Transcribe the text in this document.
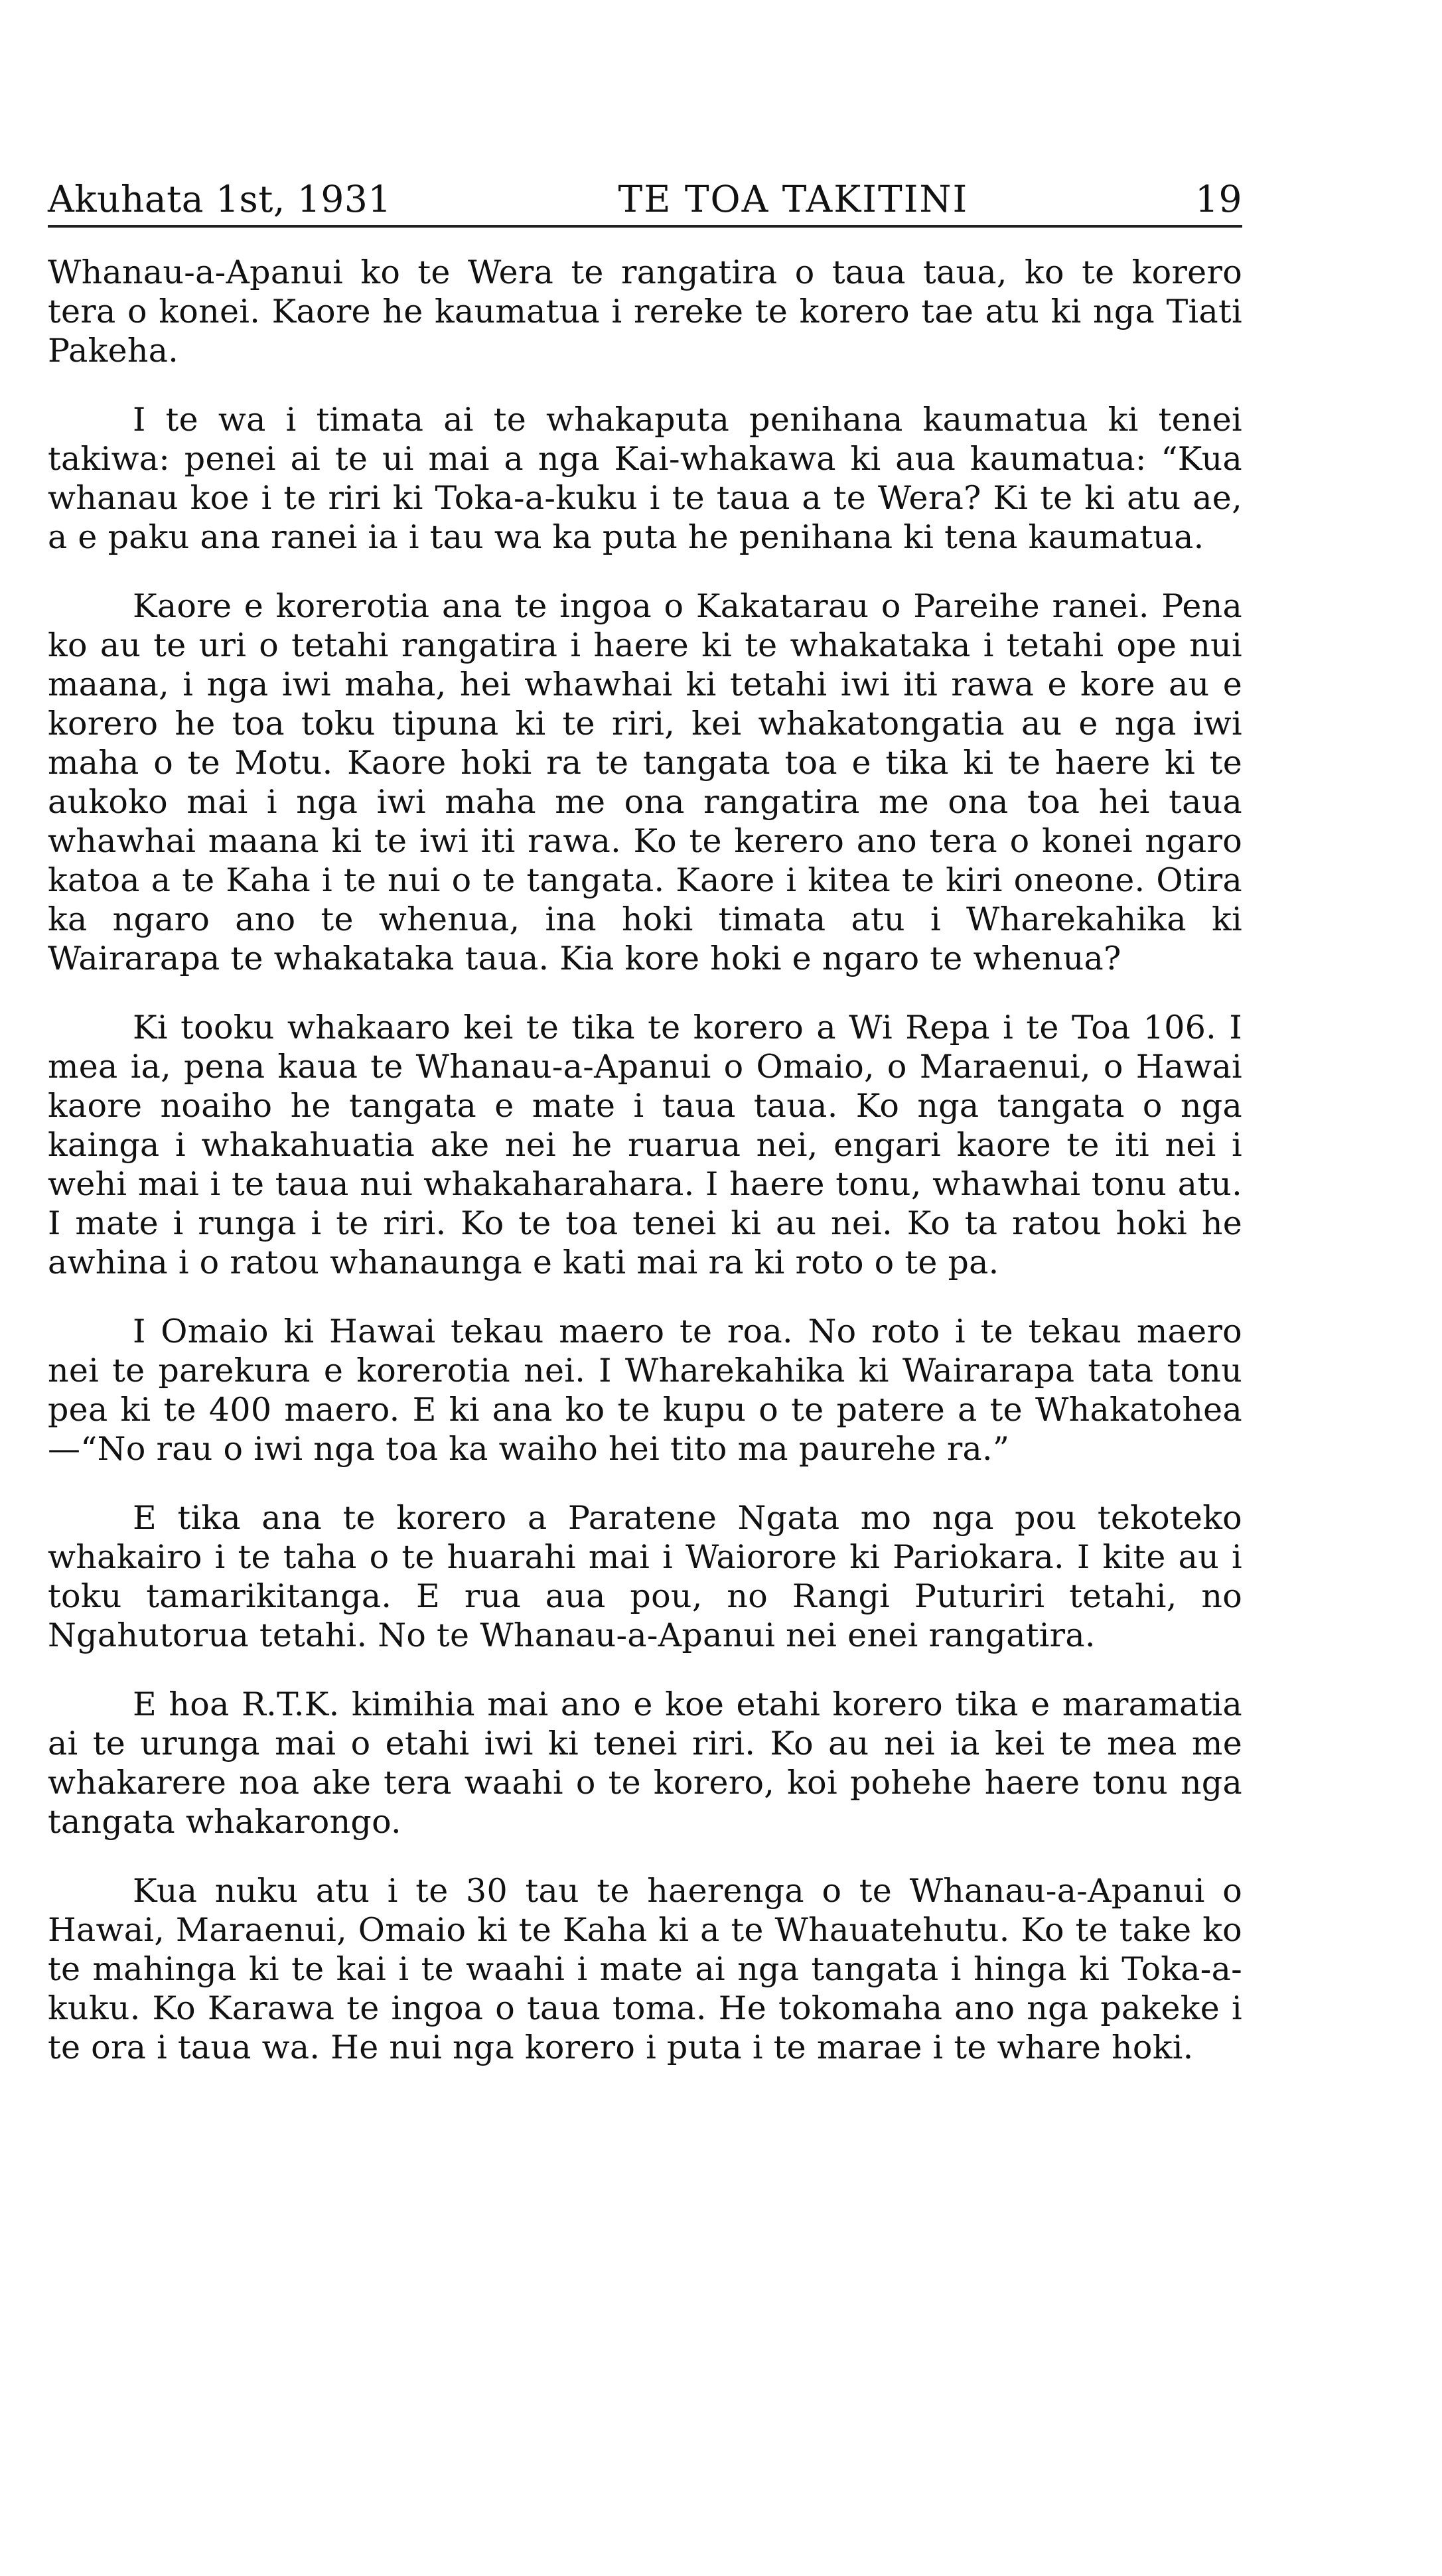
Akuhata 1st, 1931	TE TOA TAKITINI	19

Whanau-a-Apanui ko te Wera te rangatira o taua taua, ko te korero tera o konei. Kaore he kaumatua i rereke te korero tae atu ki nga Tiati Pakeha.

I te wa i timata ai te whakaputa penihana kaumatua ki tenei takiwa: penei ai te ui mai a nga Kai-whakawa ki aua kaumatua: “Kua whanau koe i te riri ki Toka-a-kuku i te taua a te Wera? Ki te ki atu ae, a e paku ana ranei ia i tau wa ka puta he penihana ki tena kaumatua.

Kaore e korerotia ana te ingoa o Kakatarau o Pareihe ranei. Pena ko au te uri o tetahi rangatira i haere ki te whakataka i tetahi ope nui maana, i nga iwi maha, hei whawhai ki tetahi iwi iti rawa e kore au e korero he toa toku tipuna ki te riri, kei whakatongatia au e nga iwi maha o te Motu. Kaore hoki ra te tangata toa e tika ki te haere ki te aukoko mai i nga iwi maha me ona rangatira me ona toa hei taua whawhai maana ki te iwi iti rawa. Ko te kerero ano tera o konei ngaro katoa a te Kaha i te nui o te tangata. Kaore i kitea te kiri oneone. Otira ka ngaro ano te whenua, ina hoki timata atu i Wharekahika ki Wairarapa te whakataka taua. Kia kore hoki e ngaro te whenua?

Ki tooku whakaaro kei te tika te korero a Wi Repa i te Toa 106. I mea ia, pena kaua te Whanau-a-Apanui o Omaio, o Maraenui, o Hawai kaore noaiho he tangata e mate i taua taua. Ko nga tangata o nga kainga i whakahuatia ake nei he ruarua nei, engari kaore te iti nei i wehi mai i te taua nui whakaharahara. I haere tonu, whawhai tonu atu. I mate i runga i te riri. Ko te toa tenei ki au nei. Ko ta ratou hoki he awhina i o ratou whanaunga e kati mai ra ki roto o te pa.

I Omaio ki Hawai tekau maero te roa. No roto i te tekau maero nei te parekura e korerotia nei. I Wharekahika ki Wairarapa tata tonu pea ki te 400 maero. E ki ana ko te kupu o te patere a te Whakatohea—“No rau o iwi nga toa ka waiho hei tito ma paurehe ra.”

E tika ana te korero a Paratene Ngata mo nga pou tekoteko whakairo i te taha o te huarahi mai i Waiorore ki Pariokara. I kite au i toku tamarikitanga. E rua aua pou, no Rangi Puturiri tetahi, no Ngahutorua tetahi. No te Whanau-a-Apanui nei enei rangatira.

E hoa R.T.K. kimihia mai ano e koe etahi korero tika e maramatia ai te urunga mai o etahi iwi ki tenei riri. Ko au nei ia kei te mea me whakarere noa ake tera waahi o te korero, koi pohehe haere tonu nga tangata whakarongo.

Kua nuku atu i te 30 tau te haerenga o te Whanau-a-Apanui o Hawai, Maraenui, Omaio ki te Kaha ki a te Whauatehutu. Ko te take ko te mahinga ki te kai i te waahi i mate ai nga tangata i hinga ki Toka-a-kuku. Ko Karawa te ingoa o taua toma. He tokomaha ano nga pakeke i te ora i taua wa. He nui nga korero i puta i te marae i te whare hoki.
